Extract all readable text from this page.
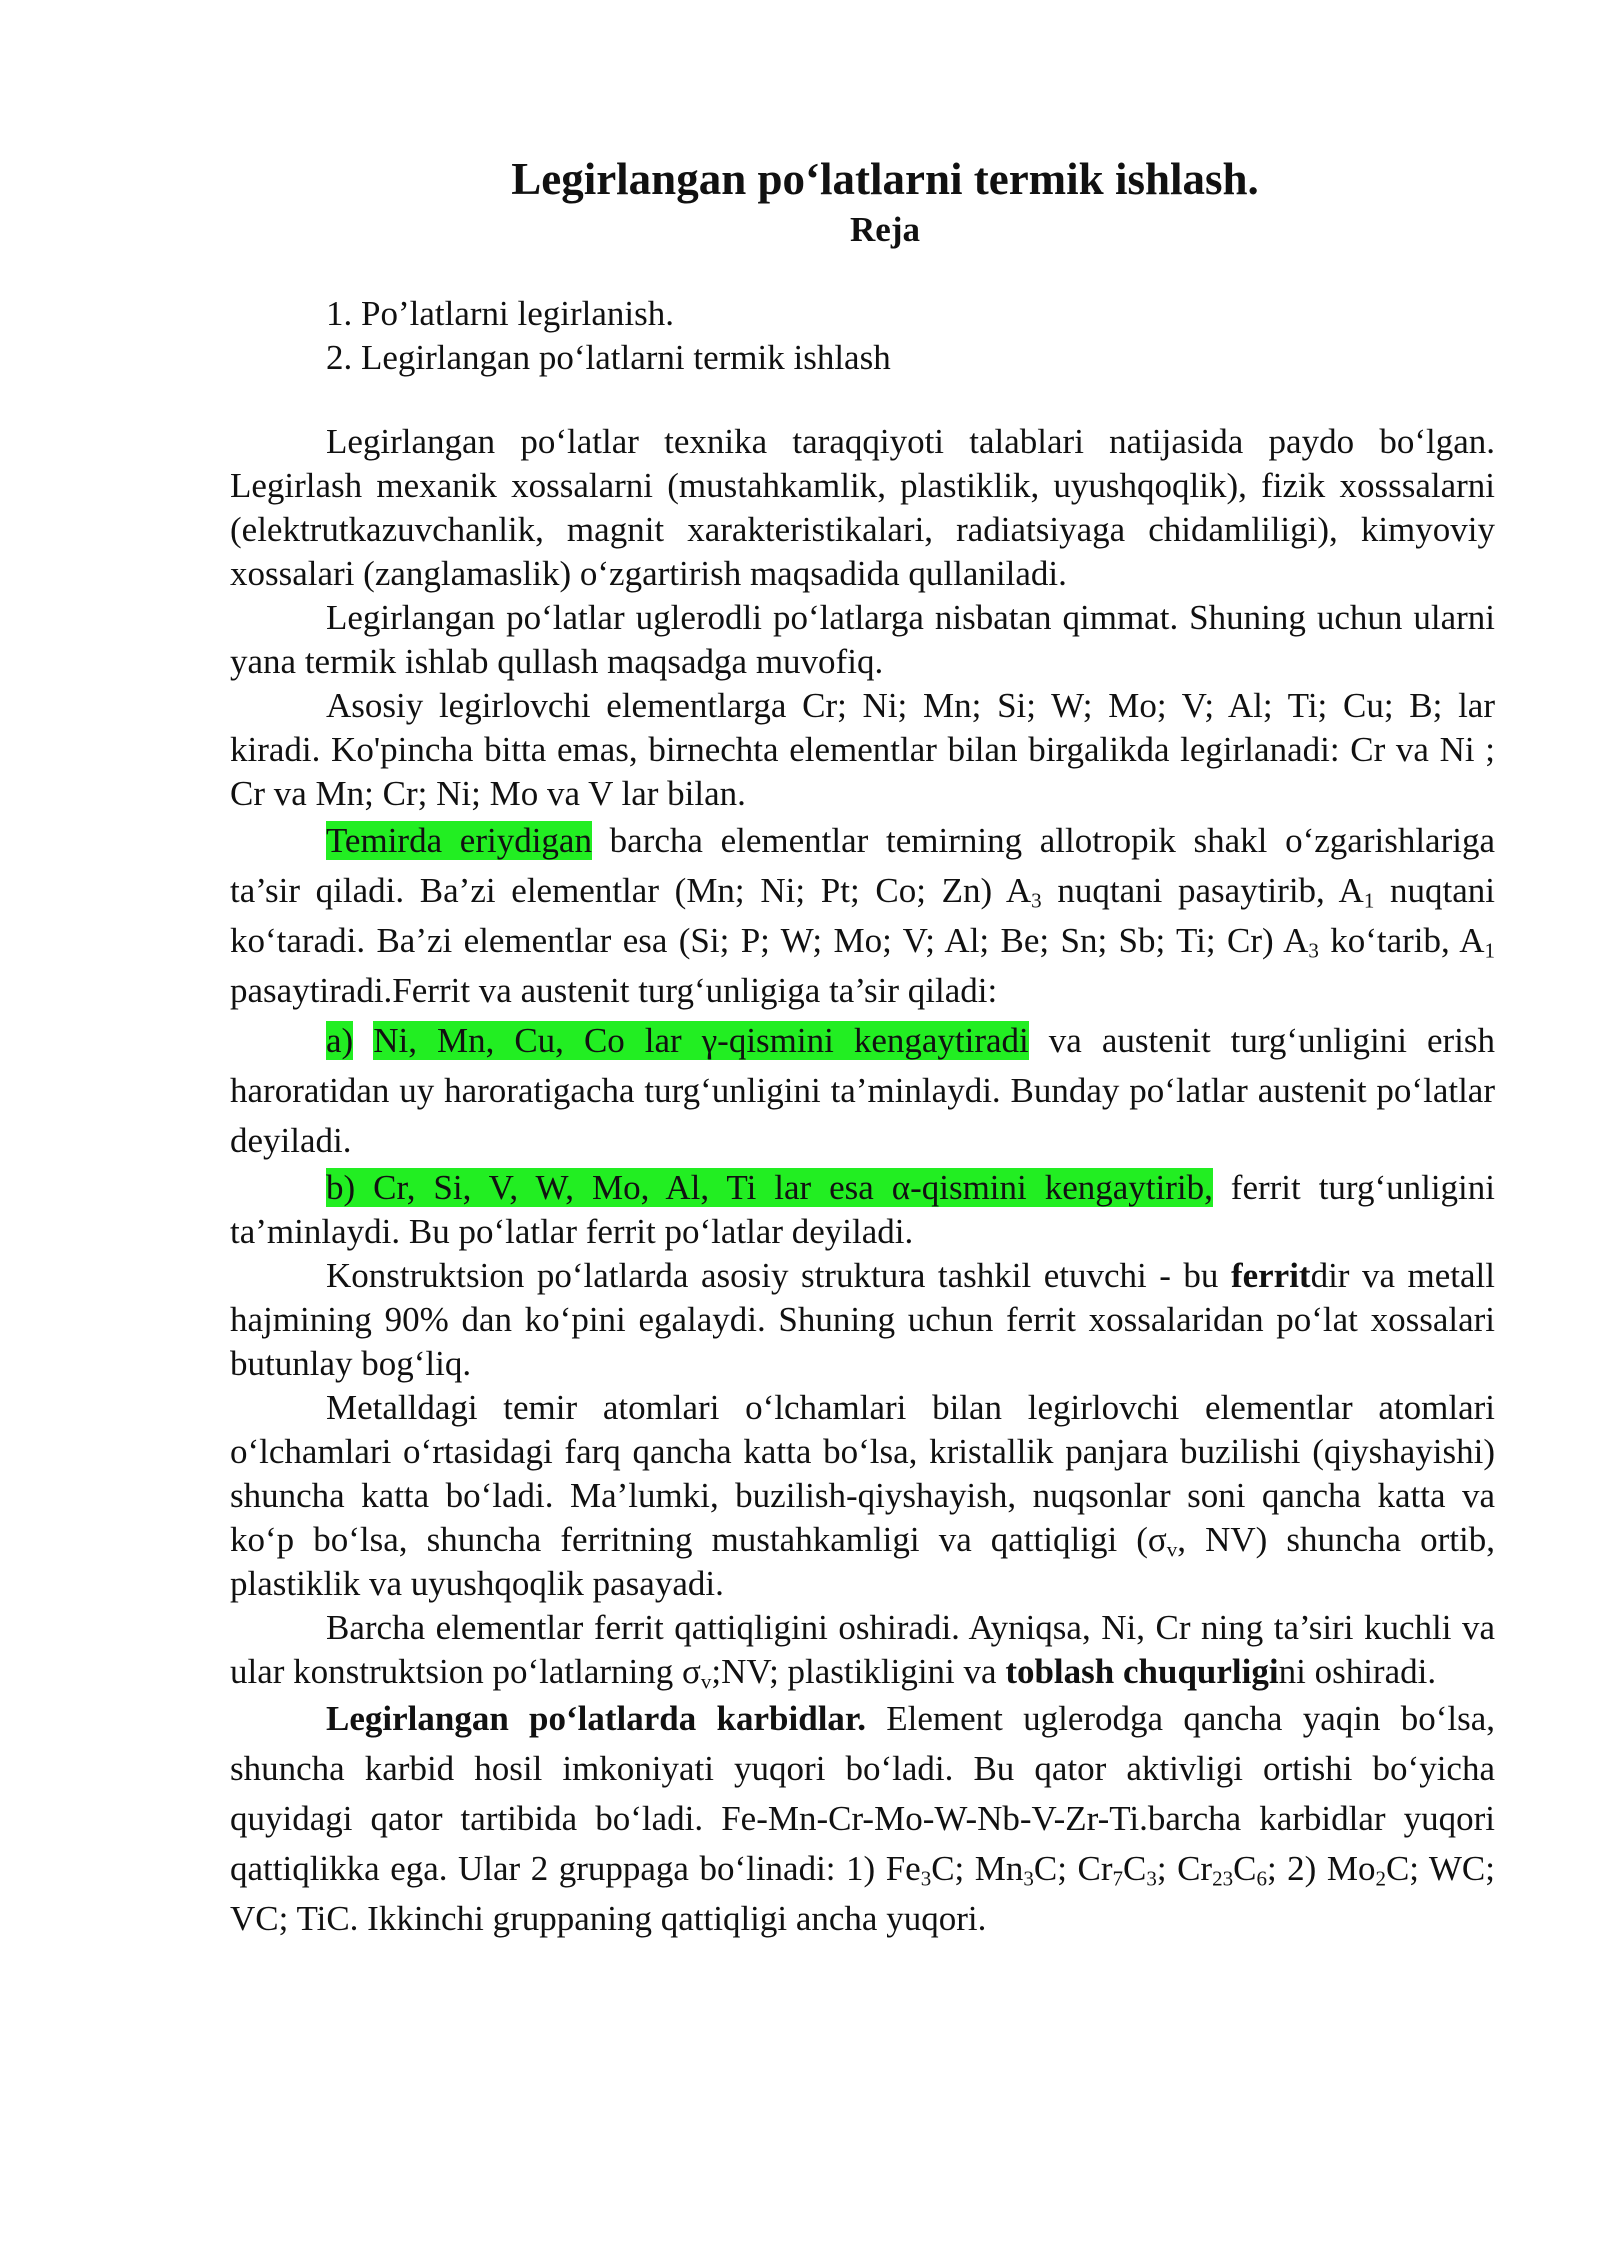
Legirlangan po‘latlarni termik ishlash.
Reja
1. Po’latlarni legirlanish.
2. Legirlangan po‘latlarni termik ishlash

Legirlangan po‘latlar texnika taraqqiyoti talablari natijasida paydo bo‘lgan. Legirlash mexanik xossalarni (mustahkamlik, plastiklik, uyushqoqlik), fizik xosssalarni (elektrutkazuvchanlik, magnit xarakteristikalari, radiatsiyaga chidamliligi), kimyoviy xossalari (zanglamaslik) o‘zgartirish maqsadida qullaniladi.

Legirlangan po‘latlar uglerodli po‘latlarga nisbatan qimmat. Shuning uchun ularni yana termik ishlab qullash maqsadga muvofiq.

Asosiy legirlovchi elementlarga Cr; Ni; Mn; Si; W; Mo; V; Al; Ti; Cu; B; lar kiradi. Ko'pincha bitta emas, birnechta elementlar bilan birgalikda legirlanadi: Cr va Ni ; Cr va Mn; Cr; Ni; Mo va V lar bilan.

Temirda eriydigan barcha elementlar temirning allotropik shakl o‘zgarishlariga ta’sir qiladi. Ba’zi elementlar (Mn; Ni; Pt; Co; Zn) $A_3$ nuqtani pasaytirib, $A_1$ nuqtani ko‘taradi. Ba’zi elementlar esa (Si; P; W; Mo; V; Al; Be; Sn; Sb; Ti; Cr) $A_3$ ko‘tarib, $A_1$ pasaytiradi.Ferrit va austenit turg‘unligiga ta’sir qiladi:

a) Ni, Mn, Cu, Co lar γ-qismini kengaytiradi va austenit turg‘unligini erish haroratidan uy haroratigacha turg‘unligini ta’minlaydi. Bunday po‘latlar austenit po‘latlar deyiladi.

b) Cr, Si, V, W, Mo, Al, Ti lar esa α-qismini kengaytirib, ferrit turg‘unligini ta’minlaydi. Bu po‘latlar ferrit po‘latlar deyiladi.

Konstruktsion po‘latlarda asosiy struktura tashkil etuvchi - bu ferritdir va metall hajmining 90% dan ko‘pini egalaydi. Shuning uchun ferrit xossalaridan po‘lat xossalari butunlay bog‘liq.

Metalldagi temir atomlari o‘lchamlari bilan legirlovchi elementlar atomlari o‘lchamlari o‘rtasidagi farq qancha katta bo‘lsa, kristallik panjara buzilishi (qiyshayishi) shuncha katta bo‘ladi. Ma’lumki, buzilish-qiyshayish, nuqsonlar soni qancha katta va ko‘p bo‘lsa, shuncha ferritning mustahkamligi va qattiqligi ($\sigma_v$, NV) shuncha ortib, plastiklik va uyushqoqlik pasayadi.

Barcha elementlar ferrit qattiqligini oshiradi. Ayniqsa, Ni, Cr ning ta’siri kuchli va ular konstruktsion po‘latlarning $\sigma_v;NV$; plastikligini va toblash chuqurligini oshiradi.

Legirlangan po‘latlarda karbidlar. Element uglerodga qancha yaqin bo‘lsa, shuncha karbid hosil imkoniyati yuqori bo‘ladi. Bu qator aktivligi ortishi bo‘yicha quyidagi qator tartibida bo‘ladi. Fe-Mn-Cr-Mo-W-Nb-V-Zr-Ti.barcha karbidlar yuqori qattiqlikka ega. Ular 2 gruppaga bo‘linadi: 1) $Fe_3C$; $Mn_3C$; $Cr_7C_3$; $Cr_{23}C_6$; 2) $Mo_2C$; WC; VC; TiC. Ikkinchi gruppaning qattiqligi ancha yuqori.
